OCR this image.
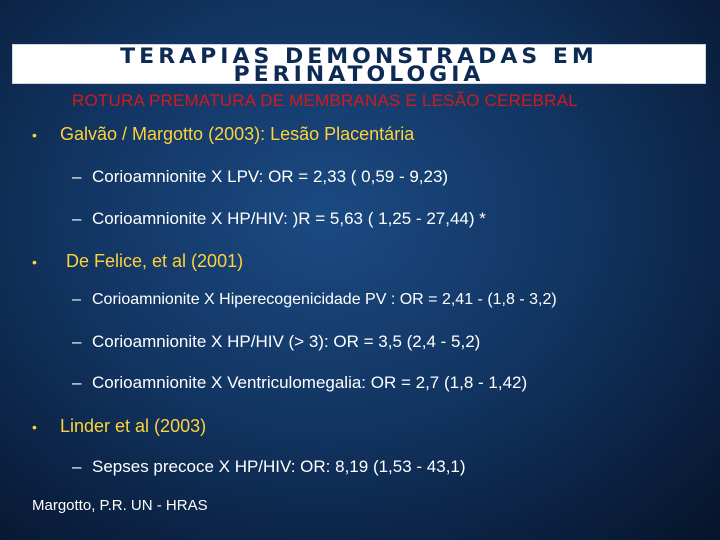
TERAPIAS DEMONSTRADAS EM
PERINATOLOGIA
ROTURA PREMATURA DE MEMBRANAS E LESÃO CEREBRAL
• Galvão / Margotto (2003): Lesão Placentária
– Corioamnionite X LPV: OR = 2,33 ( 0,59 - 9,23)
– Corioamnionite X HP/HIV: )R = 5,63 ( 1,25 - 27,44) *
• De Felice, et al (2001)
– Corioamnionite X Hiperecogenicidade PV : OR = 2,41 - (1,8 - 3,2)
– Corioamnionite X HP/HIV (> 3): OR = 3,5 (2,4 - 5,2)
– Corioamnionite X Ventriculomegalia: OR = 2,7 (1,8 - 1,42)
• Linder et al (2003)
– Sepses precoce X HP/HIV: OR: 8,19 (1,53 - 43,1)
Margotto, P.R. UN - HRAS
